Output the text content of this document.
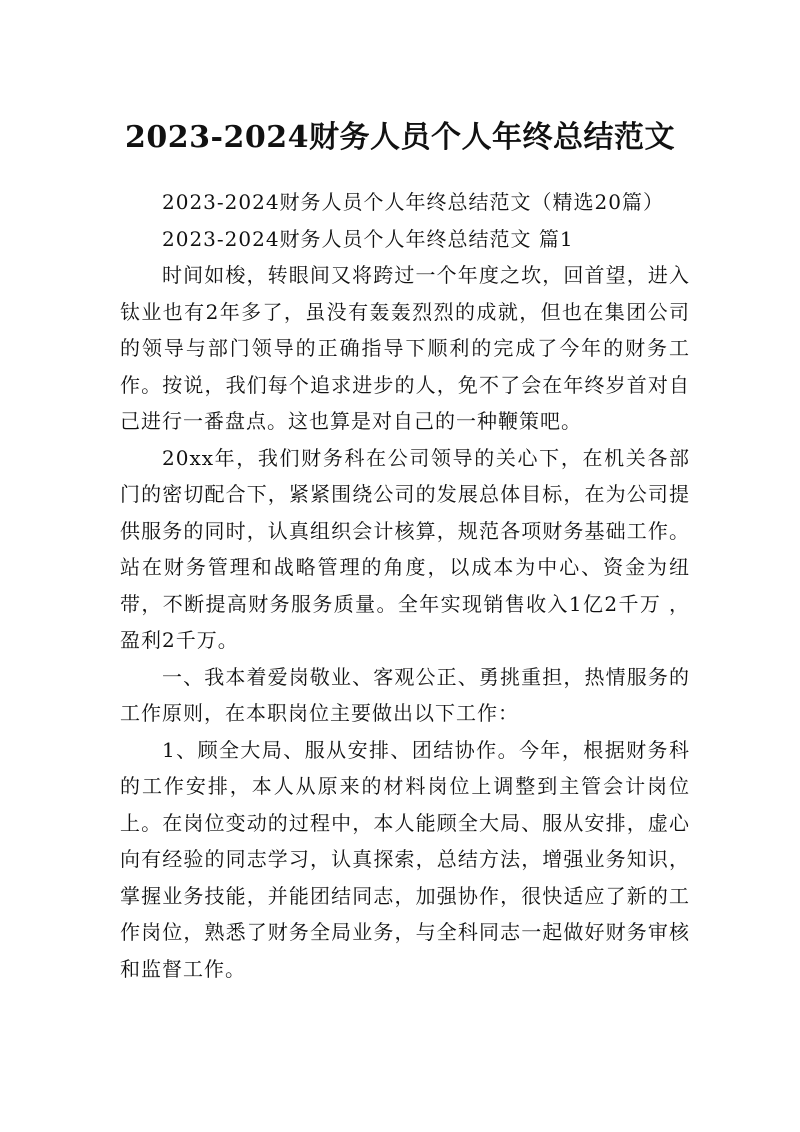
2023-2024财务人员个人年终总结范文

2023-2024财务人员个人年终总结范文（精选20篇）

2023-2024财务人员个人年终总结范文 篇1

时间如梭，转眼间又将跨过一个年度之坎，回首望，进入钛业也有2年多了，虽没有轰轰烈烈的成就，但也在集团公司的领导与部门领导的正确指导下顺利的完成了今年的财务工作。按说，我们每个追求进步的人，免不了会在年终岁首对自己进行一番盘点。这也算是对自己的一种鞭策吧。

20xx年，我们财务科在公司领导的关心下，在机关各部门的密切配合下，紧紧围绕公司的发展总体目标，在为公司提供服务的同时，认真组织会计核算，规范各项财务基础工作。站在财务管理和战略管理的角度，以成本为中心、资金为纽带，不断提高财务服务质量。全年实现销售收入1亿2千万 ，盈利2千万。

一、我本着爱岗敬业、客观公正、勇挑重担，热情服务的工作原则，在本职岗位主要做出以下工作：

1、顾全大局、服从安排、团结协作。今年，根据财务科的工作安排，本人从原来的材料岗位上调整到主管会计岗位上。在岗位变动的过程中，本人能顾全大局、服从安排，虚心向有经验的同志学习，认真探索，总结方法，增强业务知识，掌握业务技能，并能团结同志，加强协作，很快适应了新的工作岗位，熟悉了财务全局业务，与全科同志一起做好财务审核和监督工作。
